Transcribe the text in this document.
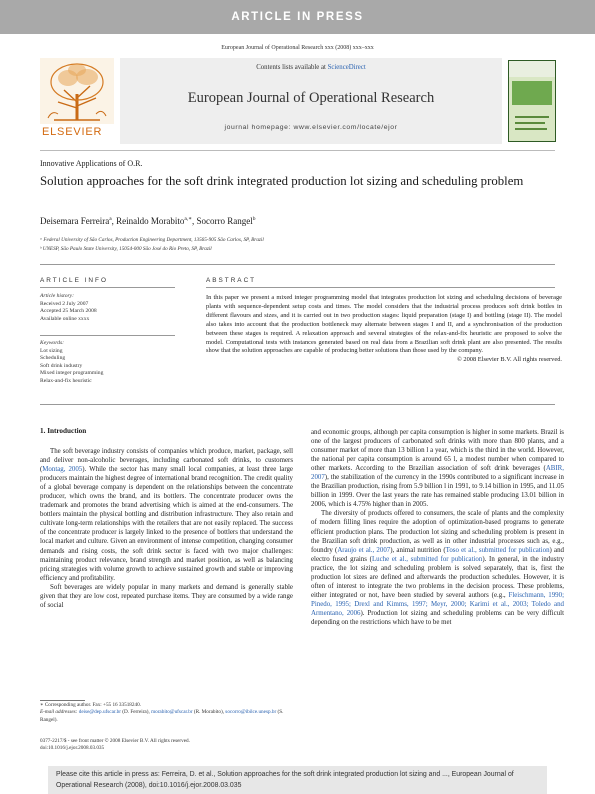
ARTICLE IN PRESS
European Journal of Operational Research xxx (2008) xxx–xxx
ELSEVIER
Contents lists available at ScienceDirect
European Journal of Operational Research
journal homepage: www.elsevier.com/locate/ejor
Innovative Applications of O.R.
Solution approaches for the soft drink integrated production lot sizing and scheduling problem
Deisemara Ferreira$^a$, Reinaldo Morabito$^{a,∗}$, Socorro Rangel$^b$
ᵃ Federal University of São Carlos, Production Engineering Department, 13565-905 São Carlos, SP, Brazil
ᵇ UNESP, São Paulo State University, 15054-000 São José do Rio Preto, SP, Brazil
ARTICLE INFO	ABSTRACT
Article history:
Received 2 July 2007
Accepted 25 March 2008
Available online xxxx
Keywords:
Lot sizing
Scheduling
Soft drink industry
Mixed integer programming
Relax-and-fix heuristic
In this paper we present a mixed integer programming model that integrates production lot sizing and scheduling decisions of beverage plants with sequence-dependent setup costs and times. The model considers that the industrial process produces soft drink bottles in different flavours and sizes, and it is carried out in two production stages: liquid preparation (stage I) and bottling (stage II). The model also takes into account that the production bottleneck may alternate between stages I and II, and a synchronisation of the production between these stages is required. A relaxation approach and several strategies of the relax-and-fix heuristic are proposed to solve the model. Computational tests with instances generated based on real data from a Brazilian soft drink plant are also presented. The results show that the solution approaches are capable of producing better solutions than those used by the company.
© 2008 Elsevier B.V. All rights reserved.
1. Introduction

The soft beverage industry consists of companies which produce, market, package, sell and deliver non-alcoholic beverages, including carbonated soft drinks, to customers (Montag, 2005). While the sector has many small local companies, at least three large producers maintain the highest degree of international brand recognition. The credit quality of a global beverage company is dependent on the relationships between the concentrate producer, which owns the brand, and its bottlers. The concentrate producer owns the trademark and promotes the brand advertising which is aimed at the end-consumers. The bottlers maintain the physical bottling and distribution infrastructure. They also retain and cultivate long-term relationships with the retailers that are not easily replaced. The success of the concentrate producer is largely linked to the presence of bottlers that understand the local market and culture. Given an environment of intense competition, changing consumer demands and rising costs, the soft drink sector is faced with two major challenges: maintaining product relevance, brand strength and market position, as well as balancing pricing strategies with volume growth to achieve sustained growth and stable or improving efficiency and profitability.

Soft beverages are widely popular in many markets and demand is generally stable given that they are low cost, repeated purchase items. They are consumed by a wide range of social

and economic groups, although per capita consumption is higher in some markets. Brazil is one of the largest producers of carbonated soft drinks with more than 800 plants, and a consumer market of more than 13 billion l a year, which is the third in the world. However, the national per capita consumption is around 65 l, a modest number when compared to other markets. According to the Brazilian association of soft drink beverages (ABIR, 2007), the stabilization of the currency in the 1990s contributed to a significant increase in the Brazilian production, rising from 5.9 billion l in 1991, to 9.14 billion in 1995, and 11.05 billion in 1999. Over the last years the rate has remained stable producing 13.01 billion in 2006, which is 4.75% higher than in 2005.

The diversity of products offered to consumers, the scale of plants and the complexity of modern filling lines require the adoption of optimization-based programs to generate efficient production plans. The production lot sizing and scheduling problem is present in the Brazilian soft drink production, as well as in other industrial processes such as, e.g., foundry (Araujo et al., 2007), animal nutrition (Toso et al., submitted for publication) and electro fused grains (Luche et al., submitted for publication). In general, in the industry practice, the lot sizing and scheduling problem is solved separately, that is, first the production lot sizes are defined and afterwards the production schedules. However, it is often of interest to integrate the two problems in the decision process. These problems, either integrated or not, have been studied by several authors (e.g., Fleischmann, 1990; Pinedo, 1995; Drexl and Kimms, 1997; Meyr, 2000; Karimi et al., 2003; Toledo and Armentano, 2006). Production lot sizing and scheduling problems can be very difficult depending on the restrictions which have to be met

∗ Corresponding author. Fax: +55 16 33518240.
E-mail addresses: deise@dep.ufscar.br (D. Ferreira), morabito@ufscar.br (R. Morabito), socorro@ibilce.unesp.br (S. Rangel).
0377-2217/$ - see front matter © 2008 Elsevier B.V. All rights reserved.
doi:10.1016/j.ejor.2008.03.035
Please cite this article in press as: Ferreira, D. et al., Solution approaches for the soft drink integrated production lot sizing and ..., European Journal of Operational Research (2008), doi:10.1016/j.ejor.2008.03.035
